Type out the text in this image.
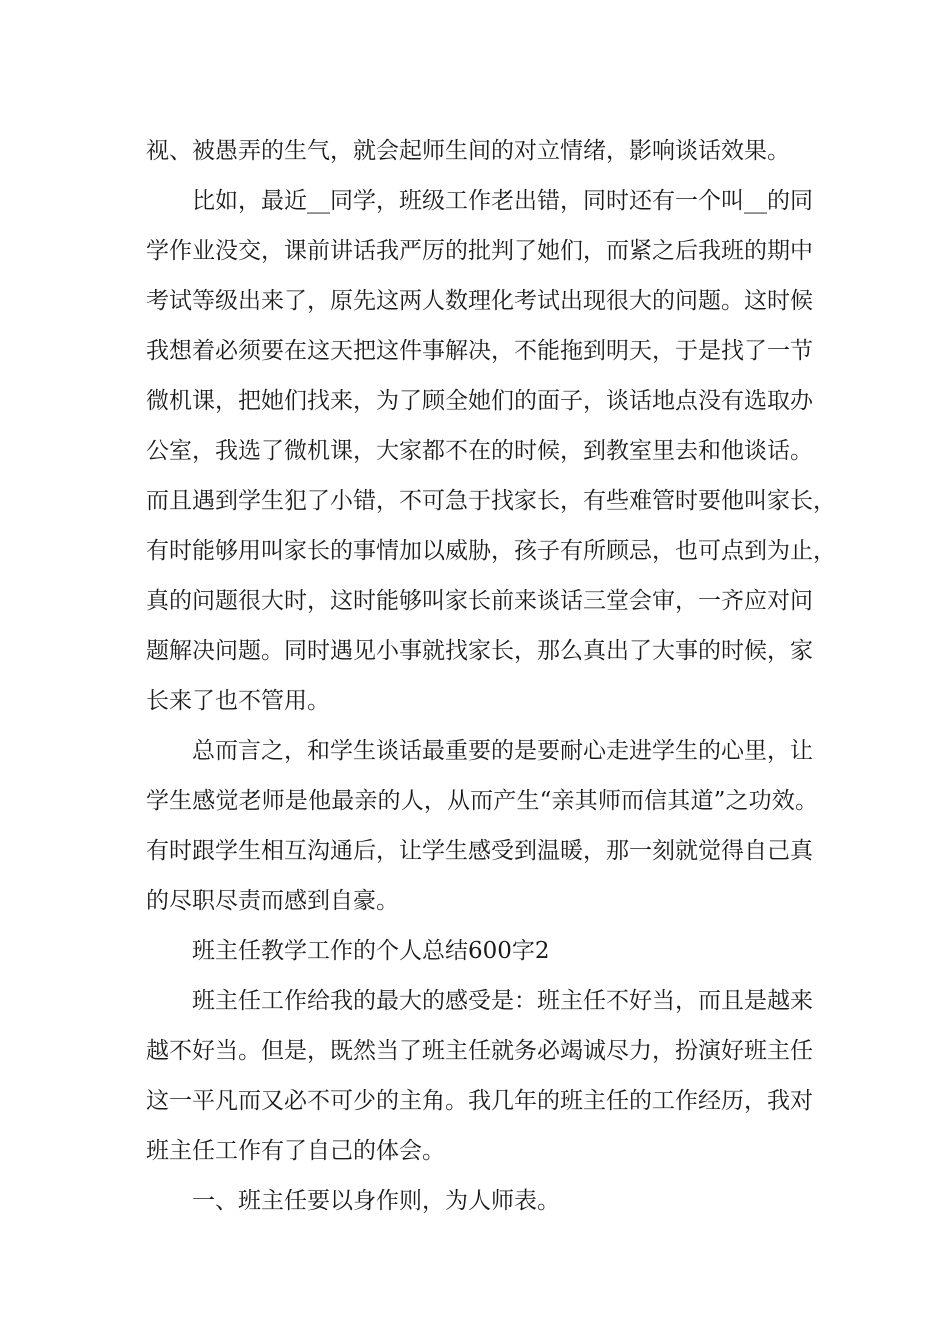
视、被愚弄的生气，就会起师生间的对立情绪，影响谈话效果。
比如，最近__同学，班级工作老出错，同时还有一个叫__的同
学作业没交，课前讲话我严厉的批判了她们，而紧之后我班的期中
考试等级出来了，原先这两人数理化考试出现很大的问题。这时候
我想着必须要在这天把这件事解决，不能拖到明天，于是找了一节
微机课，把她们找来，为了顾全她们的面子，谈话地点没有选取办
公室，我选了微机课，大家都不在的时候，到教室里去和他谈话。
而且遇到学生犯了小错，不可急于找家长，有些难管时要他叫家长，
有时能够用叫家长的事情加以威胁，孩子有所顾忌，也可点到为止，
真的问题很大时，这时能够叫家长前来谈话三堂会审，一齐应对问
题解决问题。同时遇见小事就找家长，那么真出了大事的时候，家
长来了也不管用。
总而言之，和学生谈话最重要的是要耐心走进学生的心里，让
学生感觉老师是他最亲的人，从而产生“亲其师而信其道”之功效。
有时跟学生相互沟通后，让学生感受到温暖，那一刻就觉得自己真
的尽职尽责而感到自豪。
班主任教学工作的个人总结600字2
班主任工作给我的最大的感受是：班主任不好当，而且是越来
越不好当。但是，既然当了班主任就务必竭诚尽力，扮演好班主任
这一平凡而又必不可少的主角。我几年的班主任的工作经历，我对
班主任工作有了自己的体会。
一、班主任要以身作则，为人师表。
